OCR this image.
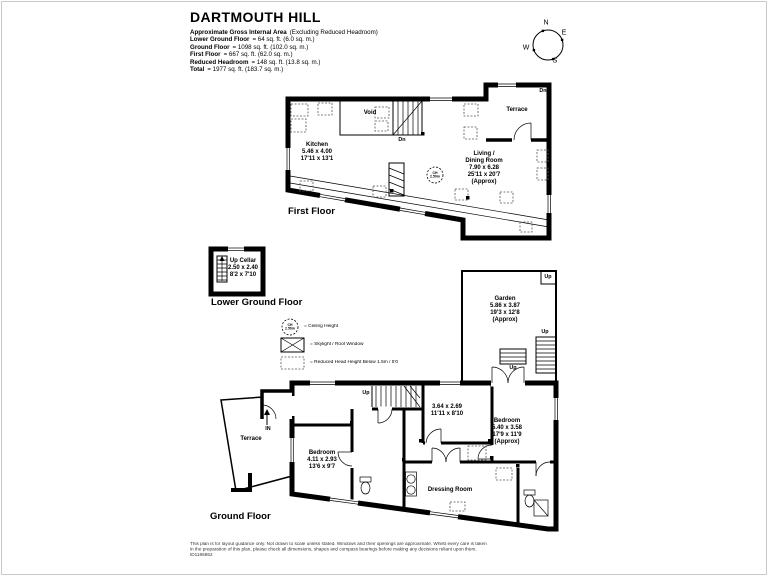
DARTMOUTH HILL
Approximate Gross Internal Area (Excluding Reduced Headroom)
Lower Ground Floor = 64 sq. ft. (6.0 sq. m.)
Ground Floor = 1098 sq. ft. (102.0 sq. m.)
First Floor = 667 sq. ft. (62.0 sq. m.)
Reduced Headroom = 148 sq. ft. (13.8 sq. m.)
Total = 1977 sq. ft. (183.7 sq. m.)
N
E
S
W
Dn
Terrace
Void
Dn
Kitchen
5.46 x 4.00
17'11 x 13'1
Living /
Dining Room
7.90 x 6.28
25'11 x 20'7
(Approx)
CH
2.50m
First Floor
Up Cellar
2.50 x 2.40
8'2 x 7'10
Lower Ground Floor
CH
2.50m	= Ceiling Height
= Skylight / Roof Window
= Reduced Head Height Below 1.5m / 5'0
Garden
5.86 x 3.87
19'3 x 12'8
(Approx)
Up
Up
Up
Up
IN
Terrace
Bedroom
4.11 x 2.93
13'6 x 9'7
3.64 x 2.69
11'11 x 8'10
Bedroom
5.40 x 3.58
17'9 x 11'9
(Approx)
Dressing Room
Ground Floor
This plan is for layout guidance only. Not drawn to scale unless stated. Windows and their openings are approximate. Whilst every care is taken
in the preparation of this plan, please check all dimensions, shapes and compass bearings before making any decisions reliant upon them.
ID1185862
